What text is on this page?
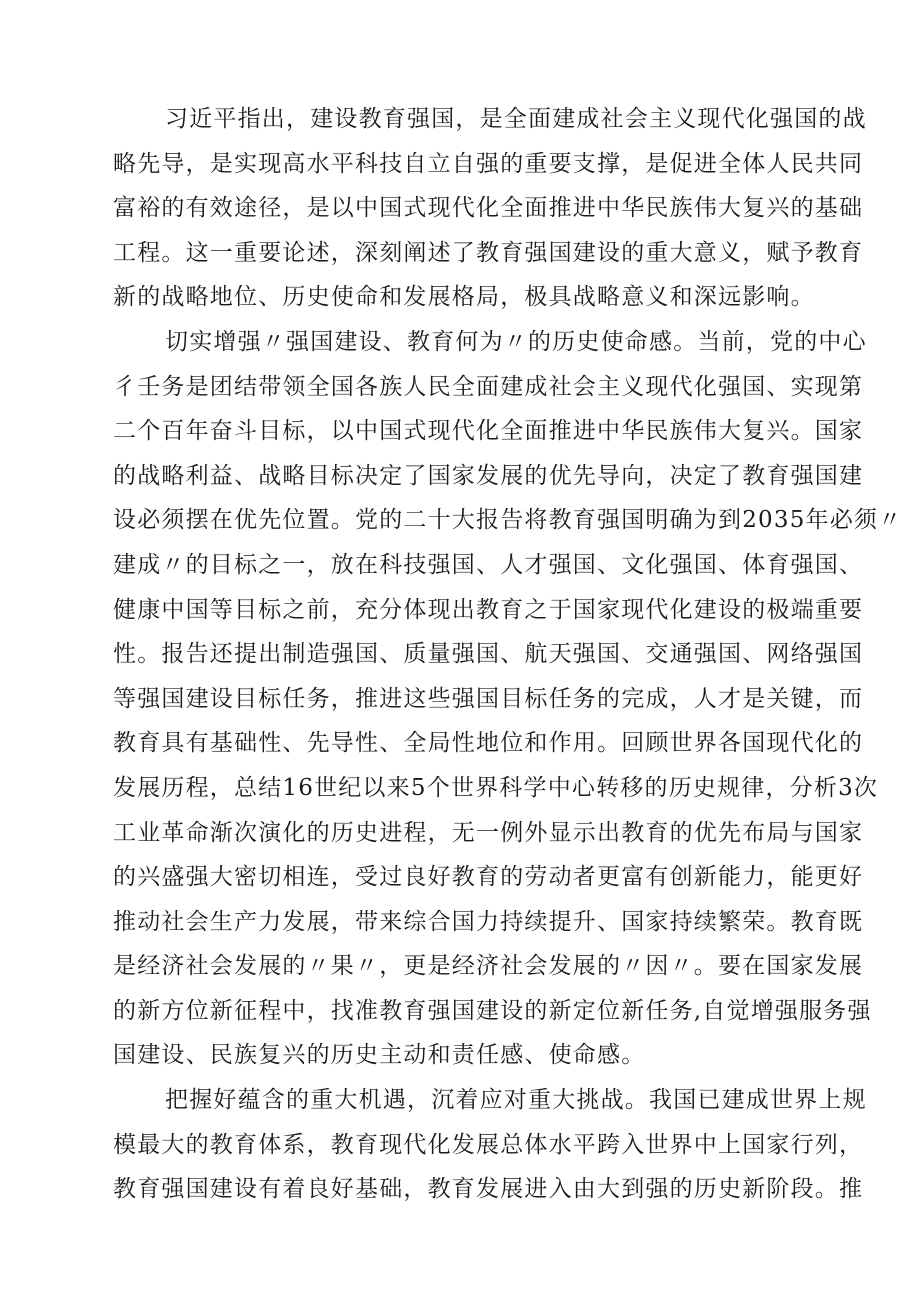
习近平指出，建设教育强国，是全面建成社会主义现代化强国的战
略先导，是实现高水平科技自立自强的重要支撑，是促进全体人民共同
富裕的有效途径，是以中国式现代化全面推进中华民族伟大复兴的基础
工程。这一重要论述，深刻阐述了教育强国建设的重大意义，赋予教育
新的战略地位、历史使命和发展格局，极具战略意义和深远影响。
切实增强〃强国建设、教育何为〃的历史使命感。当前，党的中心
彳壬务是团结带领全国各族人民全面建成社会主义现代化强国、实现第
二个百年奋斗目标，以中国式现代化全面推进中华民族伟大复兴。国家
的战略利益、战略目标决定了国家发展的优先导向，决定了教育强国建
设必须摆在优先位置。党的二十大报告将教育强国明确为到2035年必须〃
建成〃的目标之一，放在科技强国、人才强国、文化强国、体育强国、
健康中国等目标之前，充分体现出教育之于国家现代化建设的极端重要
性。报告还提出制造强国、质量强国、航天强国、交通强国、网络强国
等强国建设目标任务，推进这些强国目标任务的完成，人才是关键，而
教育具有基础性、先导性、全局性地位和作用。回顾世界各国现代化的
发展历程，总结16世纪以来5个世界科学中心转移的历史规律，分析3次
工业革命渐次演化的历史进程，无一例外显示出教育的优先布局与国家
的兴盛强大密切相连，受过良好教育的劳动者更富有创新能力，能更好
推动社会生产力发展，带来综合国力持续提升、国家持续繁荣。教育既
是经济社会发展的〃果〃，更是经济社会发展的〃因〃。要在国家发展
的新方位新征程中，找准教育强国建设的新定位新任务,自觉增强服务强
国建设、民族复兴的历史主动和责任感、使命感。
把握好蕴含的重大机遇，沉着应对重大挑战。我国已建成世界上规
模最大的教育体系，教育现代化发展总体水平跨入世界中上国家行列，
教育强国建设有着良好基础，教育发展进入由大到强的历史新阶段。推
